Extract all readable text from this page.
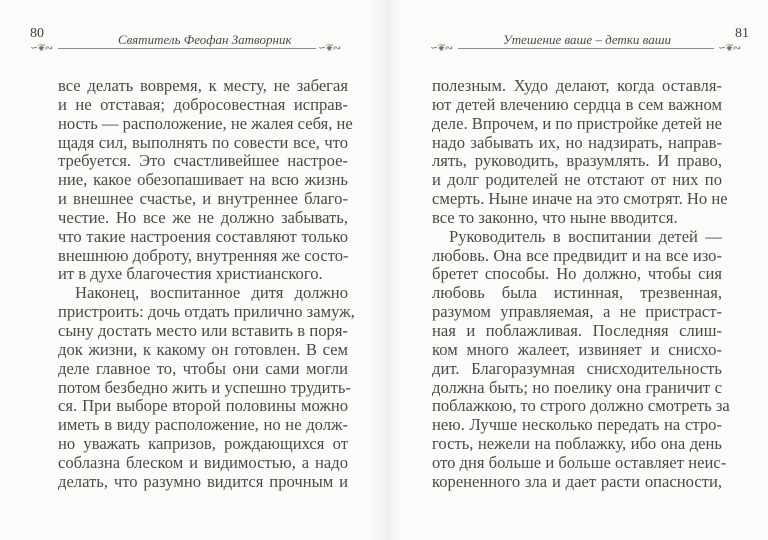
80
∽❦∾
Святитель Феофан Затворник
∽❦∾	∽❦∾
Утешение ваше – детки ваши
∽❦∾
81
все делать вовремя, к месту, не забегая
и не отставая; добросовестная исправ-
ность — расположение, не жалея себя, не
щадя сил, выполнять по совести все, что
требуется. Это счастливейшее настрое-
ние, какое обезопашивает на всю жизнь
и внешнее счастье, и внутреннее благо-
честие. Но все же не должно забывать,
что такие настроения составляют только
внешнюю доброту, внутренняя же состо-
ит в духе благочестия христианского.
Наконец, воспитанное дитя должно
пристроить: дочь отдать прилично замуж,
сыну достать место или вставить в поря-
док жизни, к какому он готовлен. В сем
деле главное то, чтобы они сами могли
потом безбедно жить и успешно трудить-
ся. При выборе второй половины можно
иметь в виду расположение, но не долж-
но уважать капризов, рождающихся от
соблазна блеском и видимостью, а надо
делать, что разумно видится прочным и
полезным. Худо делают, когда оставля-
ют детей влечению сердца в сем важном
деле. Впрочем, и по пристройке детей не
надо забывать их, но надзирать, направ-
лять, руководить, вразумлять. И право,
и долг родителей не отстают от них по
смерть. Ныне иначе на это смотрят. Но не
все то законно, что ныне вводится.
Руководитель в воспитании детей —
любовь. Она все предвидит и на все изо-
бретет способы. Но должно, чтобы сия
любовь была истинная, трезвенная,
разумом управляемая, а не пристраст-
ная и поблажливая. Последняя слиш-
ком много жалеет, извиняет и снисхо-
дит. Благоразумная снисходительность
должна быть; но поелику она граничит с
поблажкою, то строго должно смотреть за
нею. Лучше несколько передать на стро-
гость, нежели на поблажку, ибо она день
ото дня больше и больше оставляет неис-
корененного зла и дает расти опасности,
